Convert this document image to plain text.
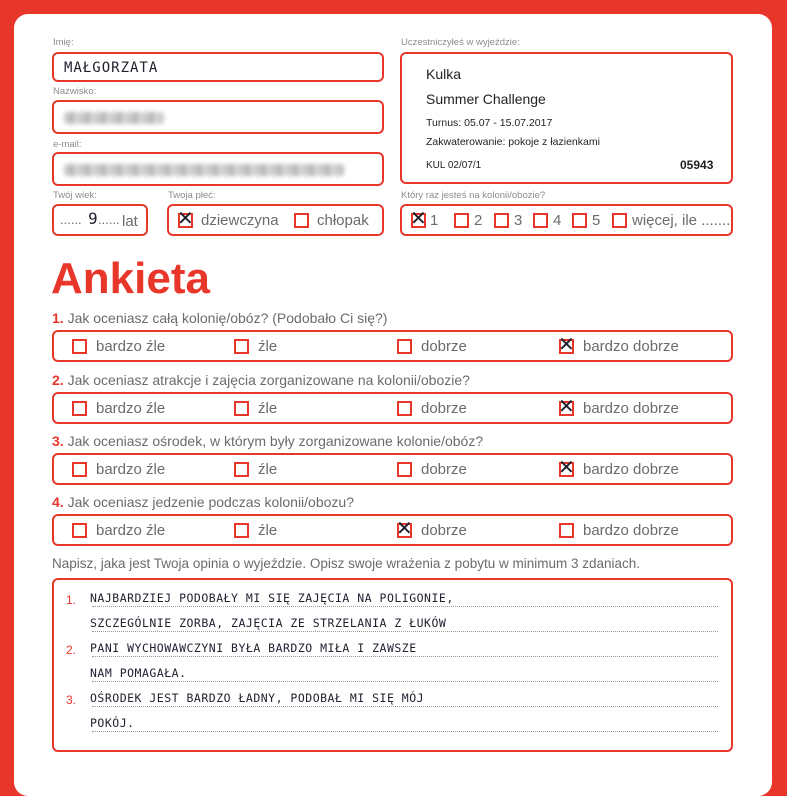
Imię:
MAŁGORZATA
Nazwisko:
e-mail:
Twój wiek:
...... 9 ...... lat
Twoja płeć:
✕ dziewczyna	chłopak
Uczestniczyłeś w wyjeździe:
Kulka
Summer Challenge
Turnus: 05.07 - 15.07.2017
Zakwaterowanie: pokoje z łazienkami
KUL 02/07/1	05943
Który raz jesteś na kolonii/obozie?
✕ 1 2 3 4 5 więcej, ile .......
Ankieta
1. Jak oceniasz całą kolonię/obóz? (Podobało Ci się?)
bardzo źle	źle	dobrze	✕ bardzo dobrze
2. Jak oceniasz atrakcje i zajęcia zorganizowane na kolonii/obozie?
bardzo źle	źle	dobrze	✕ bardzo dobrze
3. Jak oceniasz ośrodek, w którym były zorganizowane kolonie/obóz?
bardzo źle	źle	dobrze	✕ bardzo dobrze
4. Jak oceniasz jedzenie podczas kolonii/obozu?
bardzo źle	źle	✕ dobrze	bardzo dobrze
Napisz, jaka jest Twoja opinia o wyjeździe. Opisz swoje wrażenia z pobytu w minimum 3 zdaniach.
1. NAJBARDZIEJ PODOBAŁY MI SIĘ ZAJĘCIA NA POLIGONIE,
SZCZEGÓLNIE ZORBA, ZAJĘCIA ZE STRZELANIA Z ŁUKÓW
2. PANI WYCHOWAWCZYNI BYŁA BARDZO MIŁA I ZAWSZE
NAM POMAGAŁA.
3. OŚRODEK JEST BARDZO ŁADNY, PODOBAŁ MI SIĘ MÓJ
POKÓJ.
